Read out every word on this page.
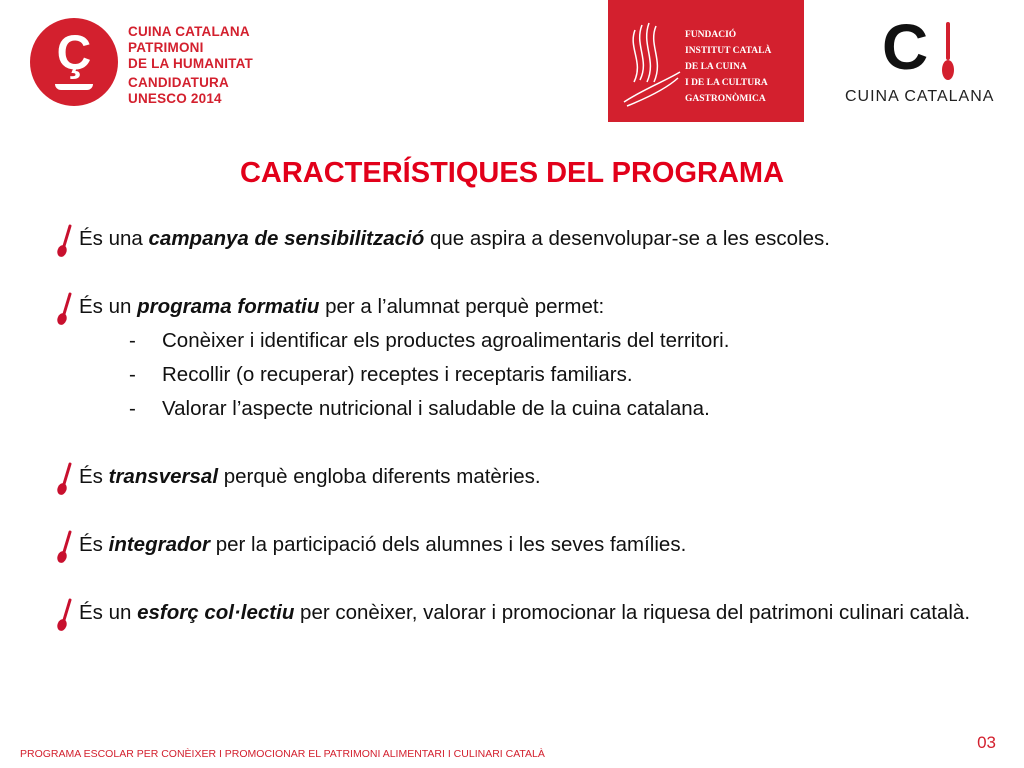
Ç	CUINA CATALANA
PATRIMONI
DE LA HUMANITAT
CANDIDATURA
UNESCO 2014
FUNDACIÓ
INSTITUT CATALÀ
DE LA CUINA
I DE LA CULTURA
GASTRONÒMICA
C
CUINA CATALANA
CARACTERÍSTIQUES DEL PROGRAMA
És una campanya de sensibilització que aspira a desenvolupar-se a les escoles.
És un programa formatiu per a l’alumnat perquè permet:
- Conèixer i identificar els productes agroalimentaris del territori.
- Recollir (o recuperar) receptes i receptaris familiars.
- Valorar l’aspecte nutricional i saludable de la cuina catalana.
És transversal perquè engloba diferents matèries.
És integrador per la participació dels alumnes i les seves famílies.
És un esforç col·lectiu per conèixer, valorar i promocionar la riquesa del patrimoni culinari català.
PROGRAMA ESCOLAR PER CONÈIXER I PROMOCIONAR EL PATRIMONI ALIMENTARI I CULINARI CATALÀ
03
